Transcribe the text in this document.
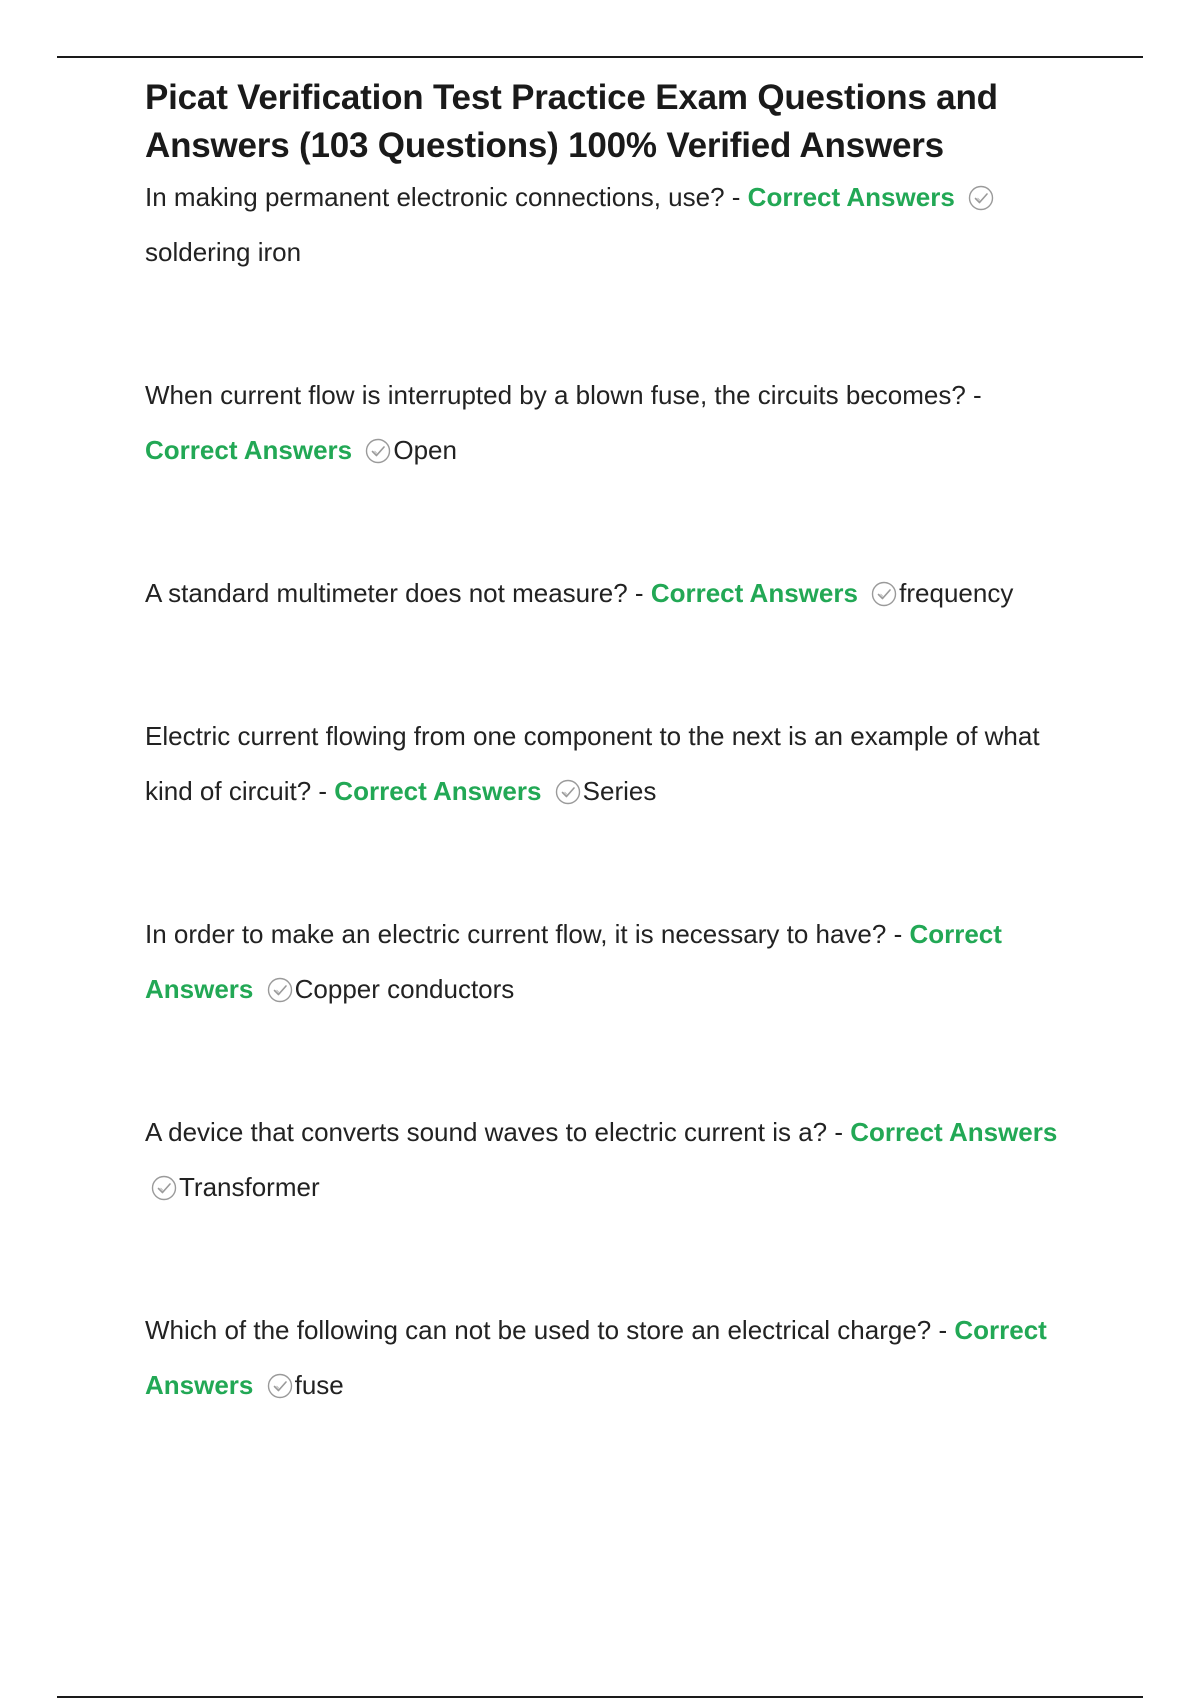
Picat Verification Test Practice Exam Questions and Answers (103 Questions) 100% Verified Answers
In making permanent electronic connections, use? - Correct Answers
soldering iron
When current flow is interrupted by a blown fuse, the circuits becomes? - Correct Answers Open
A standard multimeter does not measure? - Correct Answers frequency
Electric current flowing from one component to the next is an example of what kind of circuit? - Correct Answers Series
In order to make an electric current flow, it is necessary to have? - Correct Answers Copper conductors
A device that converts sound waves to electric current is a? - Correct Answers
Transformer
Which of the following can not be used to store an electrical charge? - Correct Answers fuse
